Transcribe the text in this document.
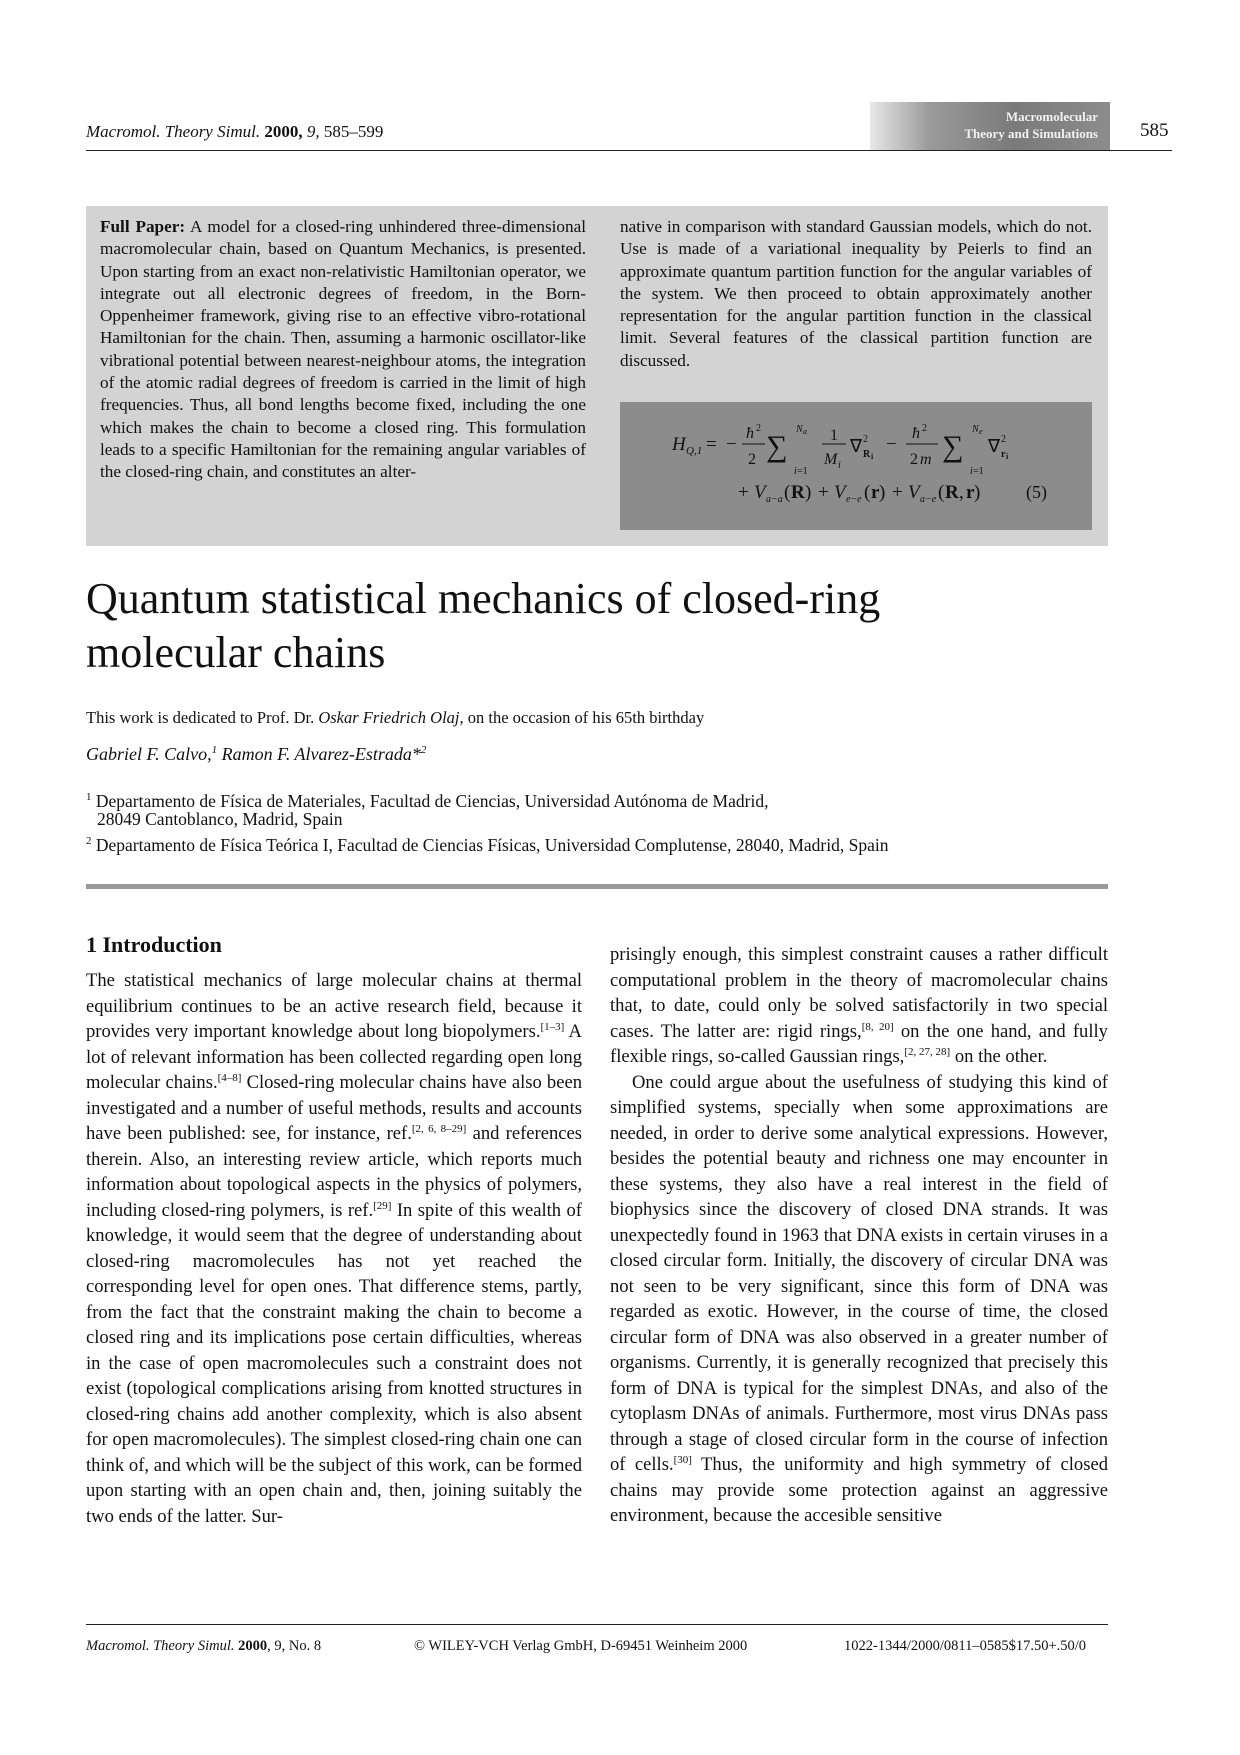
Macromol. Theory Simul. 2000, 9, 585–599
Macromolecular
Theory and Simulations 585
Full Paper: A model for a closed-ring unhindered three-dimensional macromolecular chain, based on Quantum Mechanics, is presented. Upon starting from an exact non-relativistic Hamiltonian operator, we integrate out all electronic degrees of freedom, in the Born-Oppenheimer framework, giving rise to an effective vibro-rotational Hamiltonian for the chain. Then, assuming a harmonic oscillator-like vibrational potential between nearest-neighbour atoms, the integration of the atomic radial degrees of freedom is carried in the limit of high frequencies. Thus, all bond lengths become fixed, including the one which makes the chain to become a closed ring. This formulation leads to a specific Hamiltonian for the remaining angular variables of the closed-ring chain, and constitutes an alter-
native in comparison with standard Gaussian models, which do not. Use is made of a variational inequality by Peierls to find an approximate quantum partition function for the angular variables of the system. We then proceed to obtain approximately another representation for the angular partition function in the classical limit. Several features of the classical partition function are discussed.
H Q,1 = −
ħ 2
2 ∑
N a
i =1
1
M i
∇ 2
R i
−
ħ 2
2 m ∑
N e
i =1
∇ 2
r i
+ V a−a ( R ) + V e−e ( r ) + V a−e ( R , r )	(5)
Quantum statistical mechanics of closed-ring molecular chains
This work is dedicated to Prof. Dr. Oskar Friedrich Olaj, on the occasion of his 65th birthday
Gabriel F. Calvo,$^1$ Ramon F. Alvarez-Estrada*$^2$
$^1$ Departamento de Física de Materiales, Facultad de Ciencias, Universidad Autónoma de Madrid,
28049 Cantoblanco, Madrid, Spain
$^2$ Departamento de Física Teórica I, Facultad de Ciencias Físicas, Universidad Complutense, 28040, Madrid, Spain
1 Introduction
The statistical mechanics of large molecular chains at thermal equilibrium continues to be an active research field, because it provides very important knowledge about long biopolymers.[1–3] A lot of relevant information has been collected regarding open long molecular chains.[4–8] Closed-ring molecular chains have also been investigated and a number of useful methods, results and accounts have been published: see, for instance, ref.[2, 6, 8–29] and references therein. Also, an interesting review article, which reports much information about topological aspects in the physics of polymers, including closed-ring polymers, is ref.[29] In spite of this wealth of knowledge, it would seem that the degree of understanding about closed-ring macromolecules has not yet reached the corresponding level for open ones. That difference stems, partly, from the fact that the constraint making the chain to become a closed ring and its implications pose certain difficulties, whereas in the case of open macromolecules such a constraint does not exist (topological complications arising from knotted structures in closed-ring chains add another complexity, which is also absent for open macromolecules). The simplest closed-ring chain one can think of, and which will be the subject of this work, can be formed upon starting with an open chain and, then, joining suitably the two ends of the latter. Sur-
prisingly enough, this simplest constraint causes a rather difficult computational problem in the theory of macromolecular chains that, to date, could only be solved satisfactorily in two special cases. The latter are: rigid rings,[8, 20] on the one hand, and fully flexible rings, so-called Gaussian rings,[2, 27, 28] on the other.
One could argue about the usefulness of studying this kind of simplified systems, specially when some approximations are needed, in order to derive some analytical expressions. However, besides the potential beauty and richness one may encounter in these systems, they also have a real interest in the field of biophysics since the discovery of closed DNA strands. It was unexpectedly found in 1963 that DNA exists in certain viruses in a closed circular form. Initially, the discovery of circular DNA was not seen to be very significant, since this form of DNA was regarded as exotic. However, in the course of time, the closed circular form of DNA was also observed in a greater number of organisms. Currently, it is generally recognized that precisely this form of DNA is typical for the simplest DNAs, and also of the cytoplasm DNAs of animals. Furthermore, most virus DNAs pass through a stage of closed circular form in the course of infection of cells.[30] Thus, the uniformity and high symmetry of closed chains may provide some protection against an aggressive environment, because the accesible sensitive
Macromol. Theory Simul. 2000, 9, No. 8	© WILEY-VCH Verlag GmbH, D-69451 Weinheim 2000	1022-1344/2000/0811–0585$17.50+.50/0
